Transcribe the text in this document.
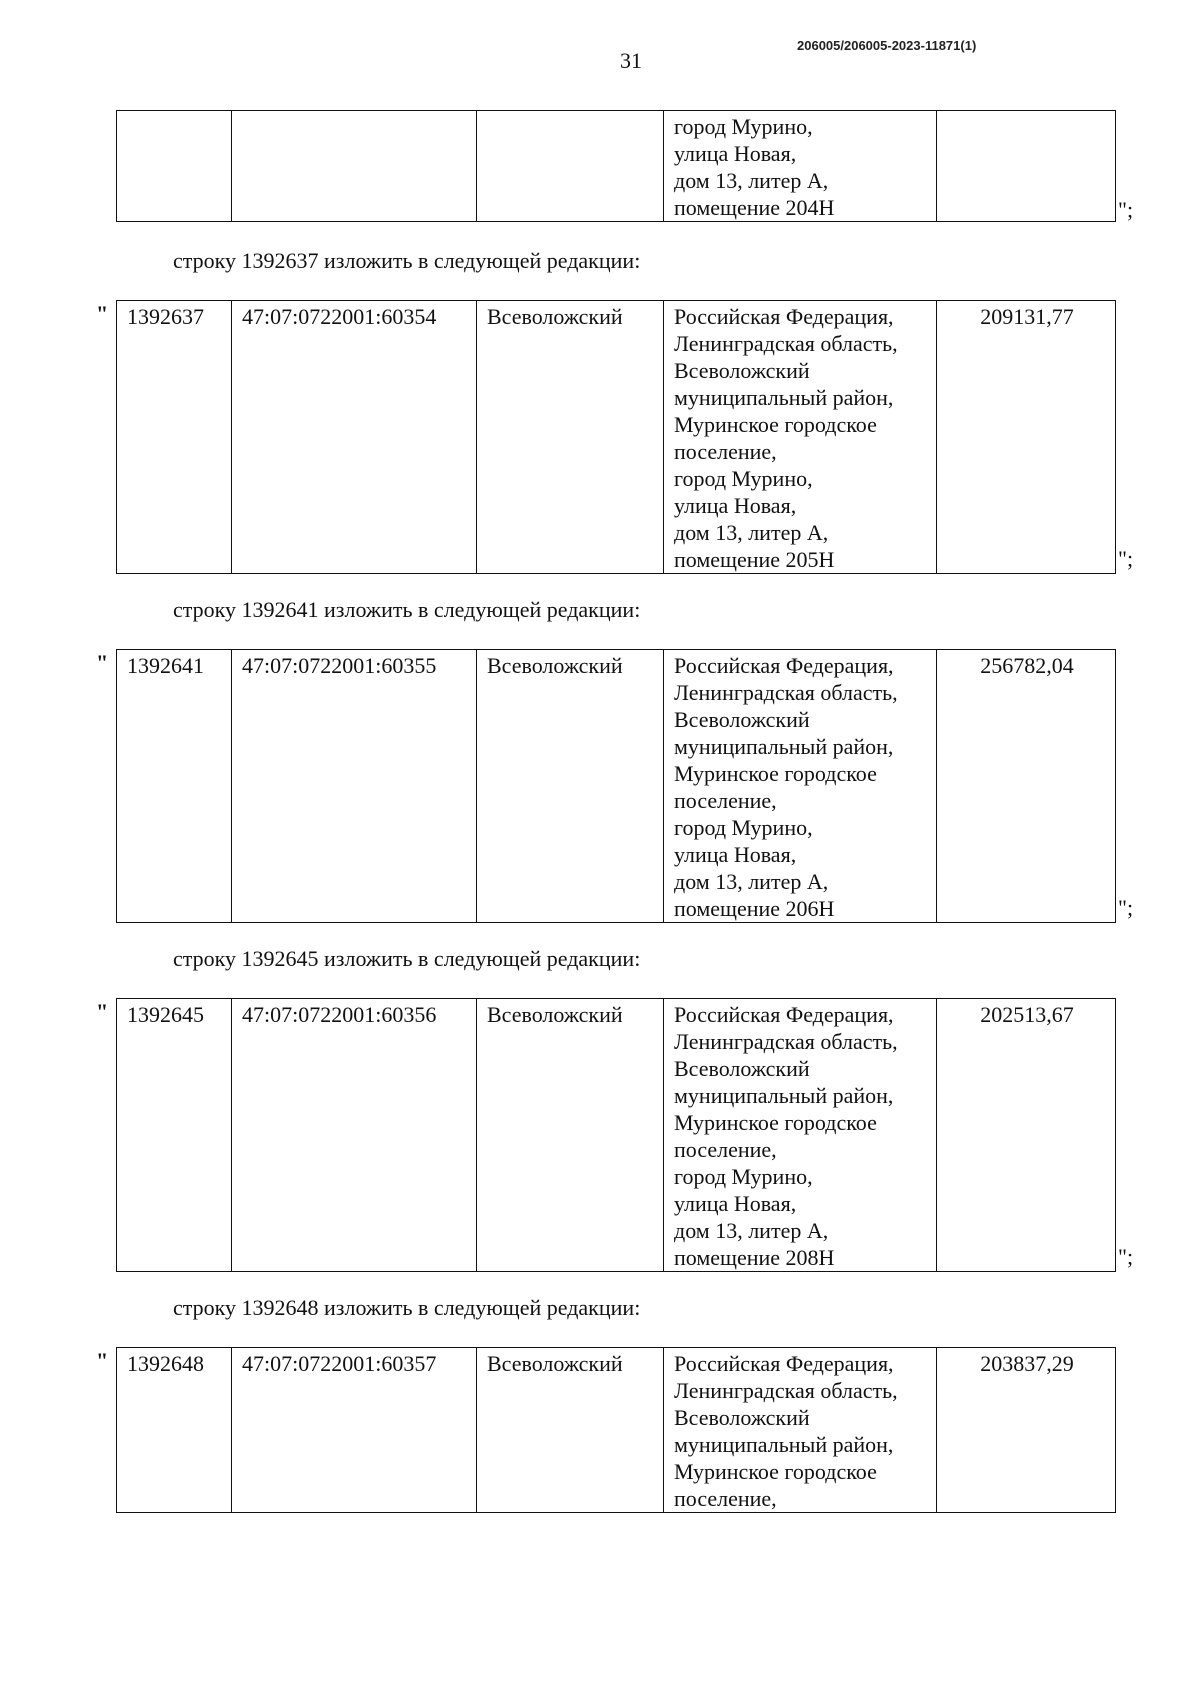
31
206005/206005-2023-11871(1)

город Мурино,
улица Новая,
дом 13, литер А,
помещение 204Н
		";
строку 1392637 изложить в следующей редакции:
" 1392637	47:07:0722001:60354	Всеволожский	Российская Федерация,
Ленинградская область,
Всеволожский
муниципальный район,
Муринское городское
поселение,
город Мурино,
улица Новая,
дом 13, литер А,
помещение 205Н
	209131,77
";
строку 1392641 изложить в следующей редакции:
" 1392641	47:07:0722001:60355	Всеволожский	Российская Федерация,
Ленинградская область,
Всеволожский
муниципальный район,
Муринское городское
поселение,
город Мурино,
улица Новая,
дом 13, литер А,
помещение 206Н
	256782,04
";
строку 1392645 изложить в следующей редакции:
" 1392645	47:07:0722001:60356	Всеволожский	Российская Федерация,
Ленинградская область,
Всеволожский
муниципальный район,
Муринское городское
поселение,
город Мурино,
улица Новая,
дом 13, литер А,
помещение 208Н
	202513,67
";
строку 1392648 изложить в следующей редакции:
" 1392648	47:07:0722001:60357	Всеволожский	Российская Федерация,
Ленинградская область,
Всеволожский
муниципальный район,
Муринское городское
поселение,
	203837,29
